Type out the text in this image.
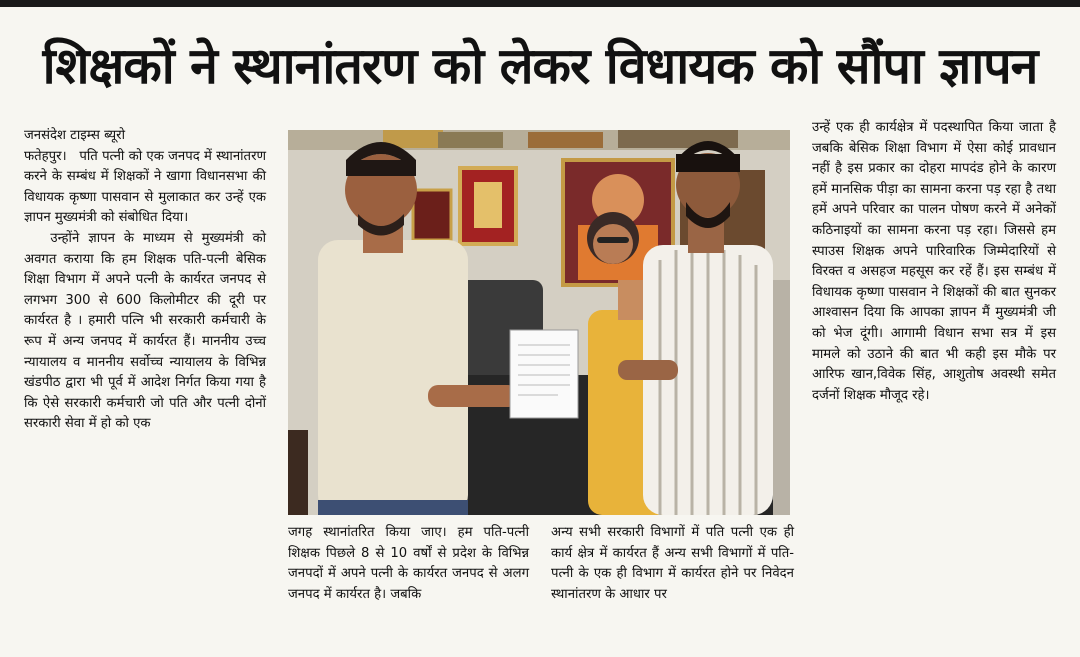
शिक्षकों ने स्थानांतरण को लेकर विधायक को सौंपा ज्ञापन
जनसंदेश टाइम्स ब्यूरो

फतेहपुर। पति पत्नी को एक जनपद में स्थानांतरण करने के सम्बंध में शिक्षकों ने खागा विधानसभा की विधायक कृष्णा पासवान से मुलाकात कर उन्हें एक ज्ञापन मुख्यमंत्री को संबोधित दिया।

उन्होंने ज्ञापन के माध्यम से मुख्यमंत्री को अवगत कराया कि हम शिक्षक पति-पत्नी बेसिक शिक्षा विभाग में अपने पत्नी के कार्यरत जनपद से लगभग 300 से 600 किलोमीटर की दूरी पर कार्यरत है । हमारी पत्नि भी सरकारी कर्मचारी के रूप में अन्य जनपद में कार्यरत हैं। माननीय उच्च न्यायालय व माननीय सर्वोच्च न्यायालय के विभिन्न खंडपीठ द्वारा भी पूर्व में आदेश निर्गत किया गया है कि ऐसे सरकारी कर्मचारी जो पति और पत्नी दोनों सरकारी सेवा में हो को एक

जगह स्थानांतरित किया जाए। हम पति-पत्नी शिक्षक पिछले 8 से 10 वर्षों से प्रदेश के विभिन्न जनपदों में अपने पत्नी के कार्यरत जनपद से अलग जनपद में कार्यरत है। जबकि
अन्य सभी सरकारी विभागों में पति पत्नी एक ही कार्य क्षेत्र में कार्यरत हैं अन्य सभी विभागों में पति-पत्नी के एक ही विभाग में कार्यरत होने पर निवेदन स्थानांतरण के आधार पर
उन्हें एक ही कार्यक्षेत्र में पदस्थापित किया जाता है जबकि बेसिक शिक्षा विभाग में ऐसा कोई प्रावधान नहीं है इस प्रकार का दोहरा मापदंड होने के कारण हमें मानसिक पीड़ा का सामना करना पड़ रहा है तथा हमें अपने परिवार का पालन पोषण करने में अनेकों कठिनाइयों का सामना करना पड़ रहा। जिससे हम स्पाउस शिक्षक अपने पारिवारिक जिम्मेदारियों से विरक्त व असहज महसूस कर रहें हैं। इस सम्बंध में विधायक कृष्णा पासवान ने शिक्षकों की बात सुनकर आश्वासन दिया कि आपका ज्ञापन मैं मुख्यमंत्री जी को भेज दूंगी। आगामी विधान सभा सत्र में इस मामले को उठाने की बात भी कही इस मौके पर आरिफ खान,विवेक सिंह, आशुतोष अवस्थी समेत दर्जनों शिक्षक मौजूद रहे।
